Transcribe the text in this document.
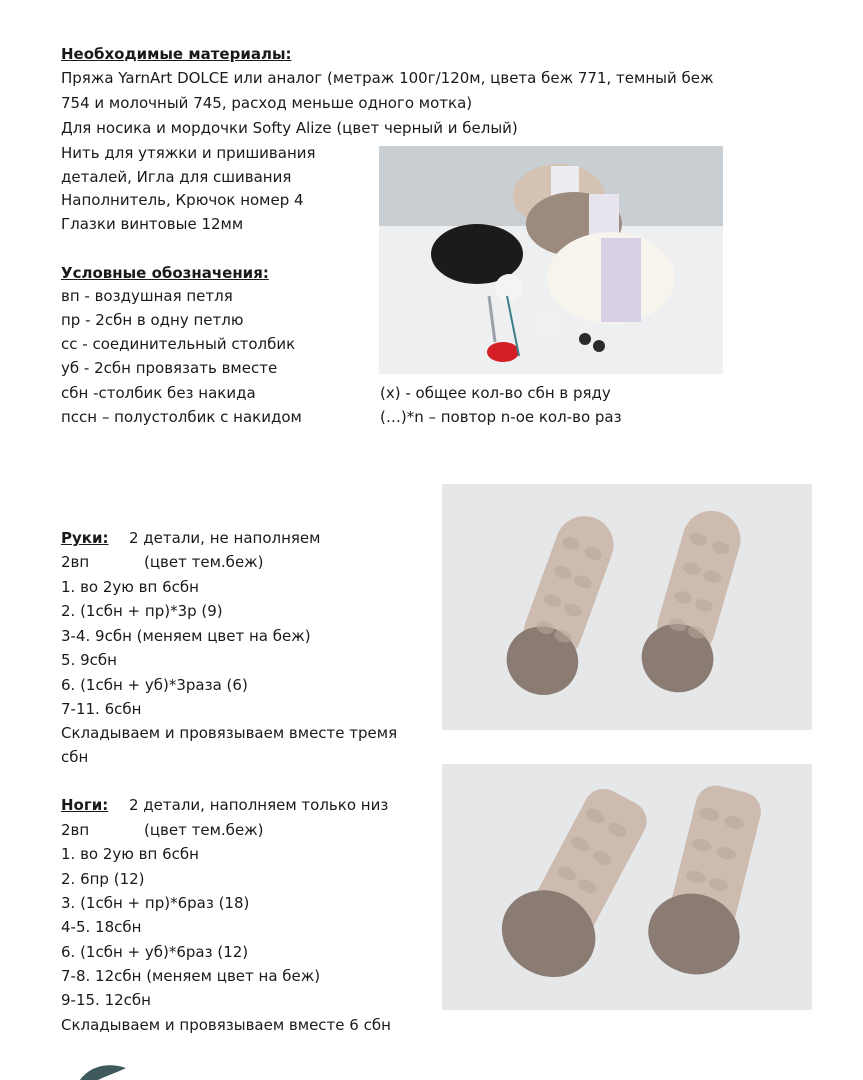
Необходимые материалы:
Пряжа YarnArt DOLCE или аналог (метраж 100г/120м, цвета беж 771, темный беж
754 и молочный 745, расход меньше одного мотка)
Для носика и мордочки Softy Alize (цвет черный и белый)
Нить для утяжки и пришивания
деталей, Игла для сшивания
Наполнитель, Крючок номер 4
Глазки винтовые 12мм
Условные обозначения:
вп - воздушная петля
пр - 2сбн в одну петлю
сс - соединительный столбик
уб - 2сбн провязать вместе
сбн -столбик без накида
пссн – полустолбик с накидом
(х) - общее кол-во сбн в ряду
(…)*n – повтор n-ое кол-во раз
Руки: 2 детали, не наполняем
2вп	(цвет тем.беж)
1. во 2ую вп 6сбн
2. (1сбн + пр)*3р (9)
3-4. 9сбн (меняем цвет на беж)
5. 9сбн
6. (1сбн + уб)*3раза (6)
7-11. 6сбн
Складываем и провязываем вместе тремя
сбн
Ноги: 2 детали, наполняем только низ
2вп	(цвет тем.беж)
1. во 2ую вп 6сбн
2. 6пр (12)
3. (1сбн + пр)*6раз (18)
4-5. 18сбн
6. (1сбн + уб)*6раз (12)
7-8. 12сбн (меняем цвет на беж)
9-15. 12сбн
Складываем и провязываем вместе 6 сбн
